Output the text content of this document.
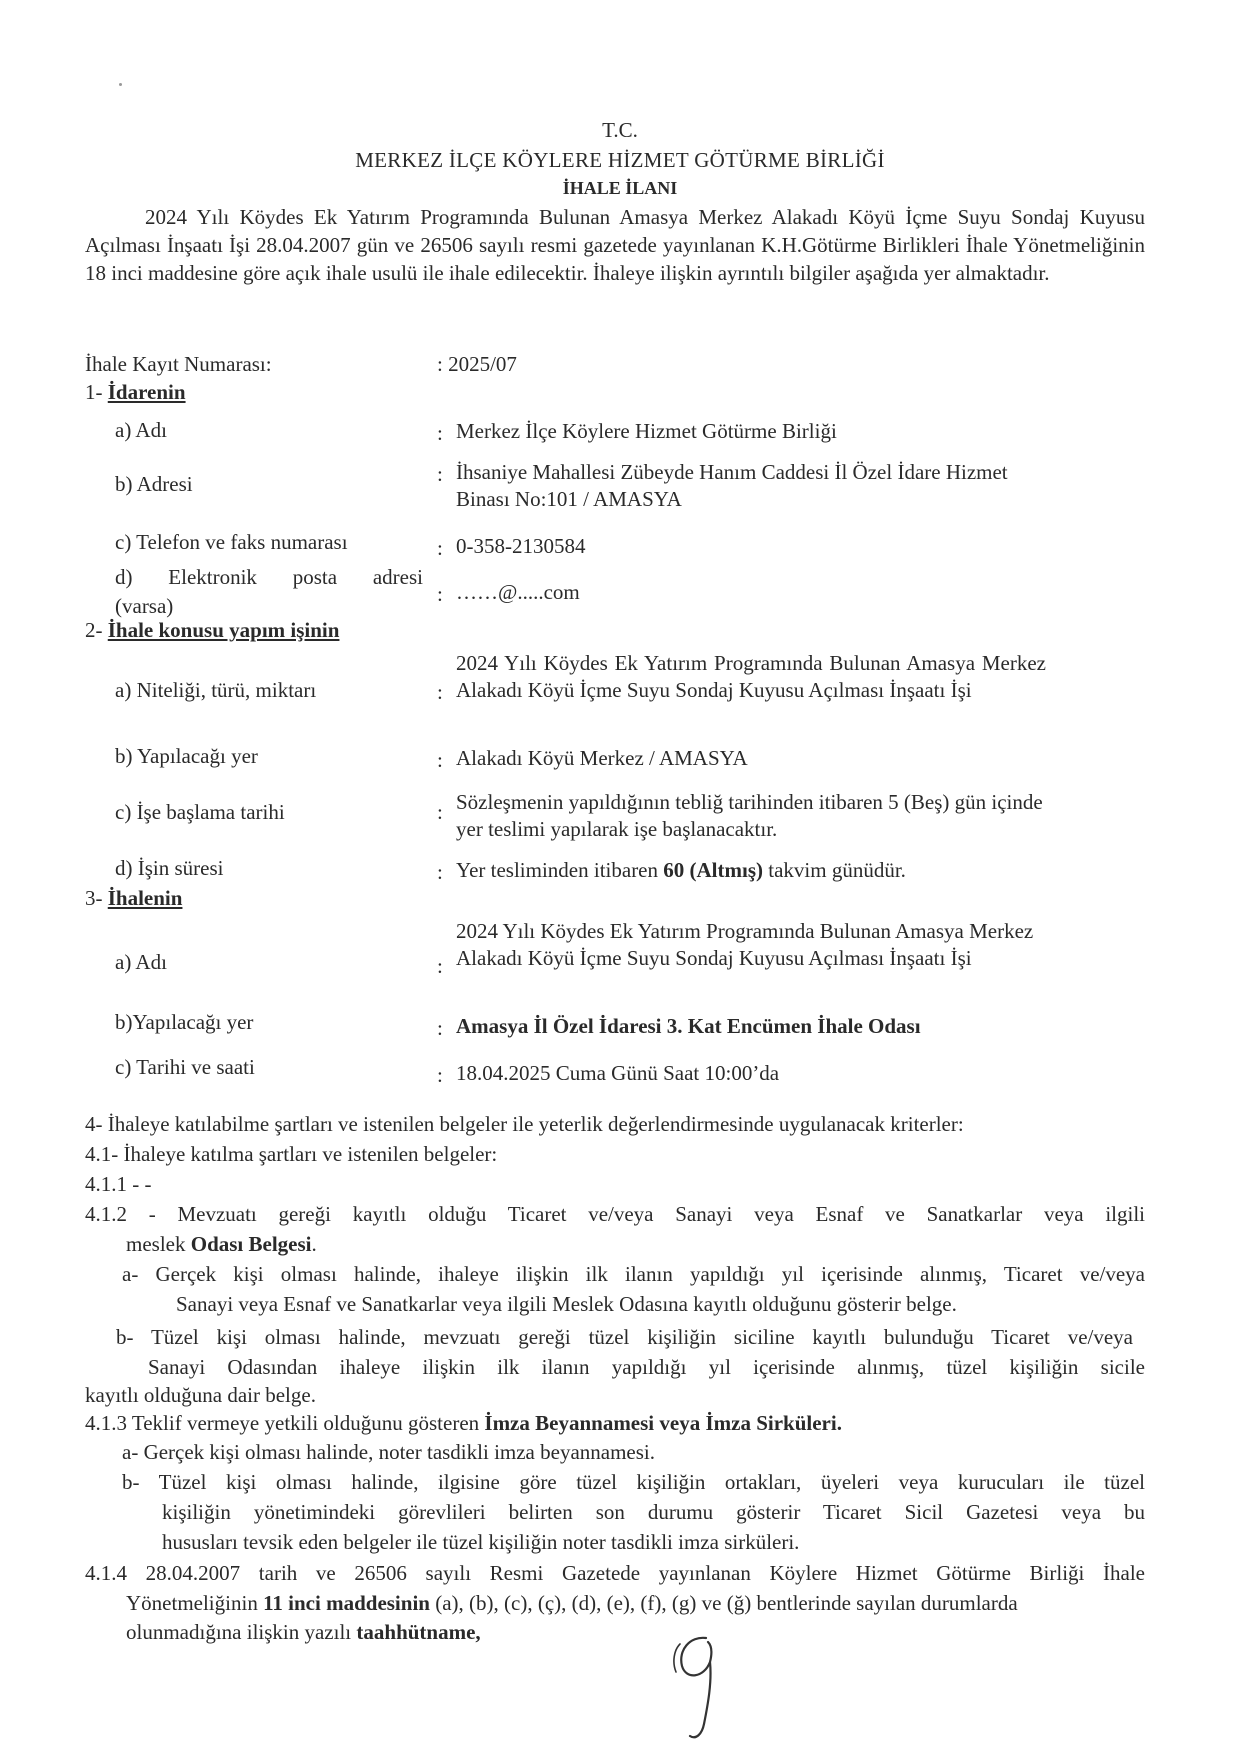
T.C.
MERKEZ İLÇE KÖYLERE HİZMET GÖTÜRME BİRLİĞİ
İHALE İLANI

2024 Yılı Köydes Ek Yatırım Programında Bulunan Amasya Merkez Alakadı Köyü İçme Suyu Sondaj Kuyusu Açılması İnşaatı İşi 28.04.2007 gün ve 26506 sayılı resmi gazetede yayınlanan K.H.Götürme Birlikleri İhale Yönetmeliğinin 18 inci maddesine göre açık ihale usulü ile ihale edilecektir. İhaleye ilişkin ayrıntılı bilgiler aşağıda yer almaktadır.

İhale Kayıt Numarası:	: 2025/07
1- İdarenin
a) Adı	: Merkez İlçe Köylere Hizmet Götürme Birliği
b) Adresi	: İhsaniye Mahallesi Zübeyde Hanım Caddesi İl Özel İdare Hizmet Binası No:101 / AMASYA
c) Telefon ve faks numarası	: 0-358-2130584
d) Elektronik posta adresi
(varsa)	: ……@.....com
2- İhale konusu yapım işinin
a) Niteliği, türü, miktarı	:
2024 Yılı Köydes Ek Yatırım Programında Bulunan Amasya Merkez Alakadı Köyü İçme Suyu Sondaj Kuyusu Açılması İnşaatı İşi
b) Yapılacağı yer	: Alakadı Köyü Merkez / AMASYA
c) İşe başlama tarihi	: Sözleşmenin yapıldığının tebliğ tarihinden itibaren 5 (Beş) gün içinde yer teslimi yapılarak işe başlanacaktır.
d) İşin süresi	: Yer tesliminden itibaren 60 (Altmış) takvim günüdür.
3- İhalenin
a) Adı	:
2024 Yılı Köydes Ek Yatırım Programında Bulunan Amasya Merkez Alakadı Köyü İçme Suyu Sondaj Kuyusu Açılması İnşaatı İşi
b)Yapılacağı yer	: Amasya İl Özel İdaresi 3. Kat Encümen İhale Odası
c) Tarihi ve saati	: 18.04.2025 Cuma Günü Saat 10:00’da
4- İhaleye katılabilme şartları ve istenilen belgeler ile yeterlik değerlendirmesinde uygulanacak kriterler:
4.1- İhaleye katılma şartları ve istenilen belgeler:
4.1.1 - -
4.1.2 - Mevzuatı gereği kayıtlı olduğu Ticaret ve/veya Sanayi veya Esnaf ve Sanatkarlar veya ilgili
meslek Odası Belgesi.
a- Gerçek kişi olması halinde, ihaleye ilişkin ilk ilanın yapıldığı yıl içerisinde alınmış, Ticaret ve/veya
Sanayi veya Esnaf ve Sanatkarlar veya ilgili Meslek Odasına kayıtlı olduğunu gösterir belge.
b- Tüzel kişi olması halinde, mevzuatı gereği tüzel kişiliğin siciline kayıtlı bulunduğu Ticaret ve/veya
Sanayi Odasından ihaleye ilişkin ilk ilanın yapıldığı yıl içerisinde alınmış, tüzel kişiliğin sicile
kayıtlı olduğuna dair belge.
4.1.3 Teklif vermeye yetkili olduğunu gösteren İmza Beyannamesi veya İmza Sirküleri.
a- Gerçek kişi olması halinde, noter tasdikli imza beyannamesi.
b- Tüzel kişi olması halinde, ilgisine göre tüzel kişiliğin ortakları, üyeleri veya kurucuları ile tüzel
kişiliğin yönetimindeki görevlileri belirten son durumu gösterir Ticaret Sicil Gazetesi veya bu
hususları tevsik eden belgeler ile tüzel kişiliğin noter tasdikli imza sirküleri.
4.1.4 28.04.2007 tarih ve 26506 sayılı Resmi Gazetede yayınlanan Köylere Hizmet Götürme Birliği İhale
Yönetmeliğinin 11 inci maddesinin (a), (b), (c), (ç), (d), (e), (f), (g) ve (ğ) bentlerinde sayılan durumlarda
olunmadığına ilişkin yazılı taahhütname,
